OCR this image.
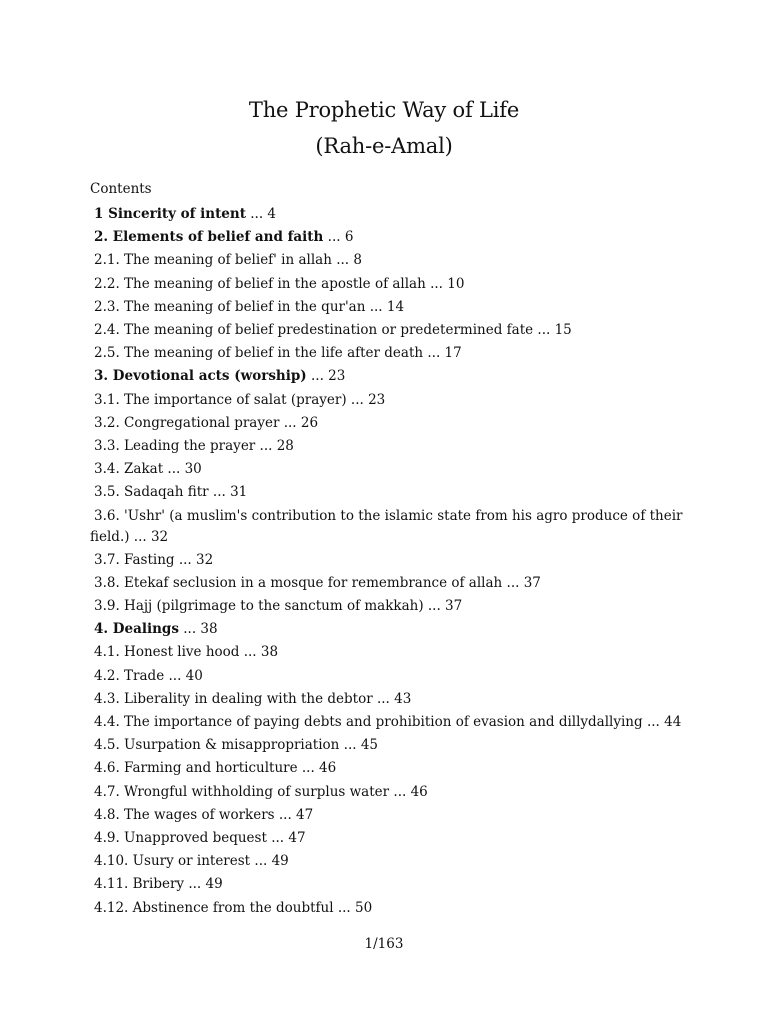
The Prophetic Way of Life
(Rah-e-Amal)
Contents
1 Sincerity of intent ... 4
2. Elements of belief and faith ... 6
2.1. The meaning of belief' in allah ... 8
2.2. The meaning of belief in the apostle of allah ... 10
2.3. The meaning of belief in the qur'an ... 14
2.4. The meaning of belief predestination or predetermined fate ... 15
2.5. The meaning of belief in the life after death ... 17
3. Devotional acts (worship) ... 23
3.1. The importance of salat (prayer) ... 23
3.2. Congregational prayer ... 26
3.3. Leading the prayer ... 28
3.4. Zakat ... 30
3.5. Sadaqah fitr ... 31
3.6. 'Ushr' (a muslim's contribution to the islamic state from his agro produce of their field.) ... 32
3.7. Fasting ... 32
3.8. Etekaf seclusion in a mosque for remembrance of allah ... 37
3.9. Hajj (pilgrimage to the sanctum of makkah) ... 37
4. Dealings ... 38
4.1. Honest live hood ... 38
4.2. Trade ... 40
4.3. Liberality in dealing with the debtor ... 43
4.4. The importance of paying debts and prohibition of evasion and dillydallying ... 44
4.5. Usurpation & misappropriation ... 45
4.6. Farming and horticulture ... 46
4.7. Wrongful withholding of surplus water ... 46
4.8. The wages of workers ... 47
4.9. Unapproved bequest ... 47
4.10. Usury or interest ... 49
4.11. Bribery ... 49
4.12. Abstinence from the doubtful ... 50
1/163
